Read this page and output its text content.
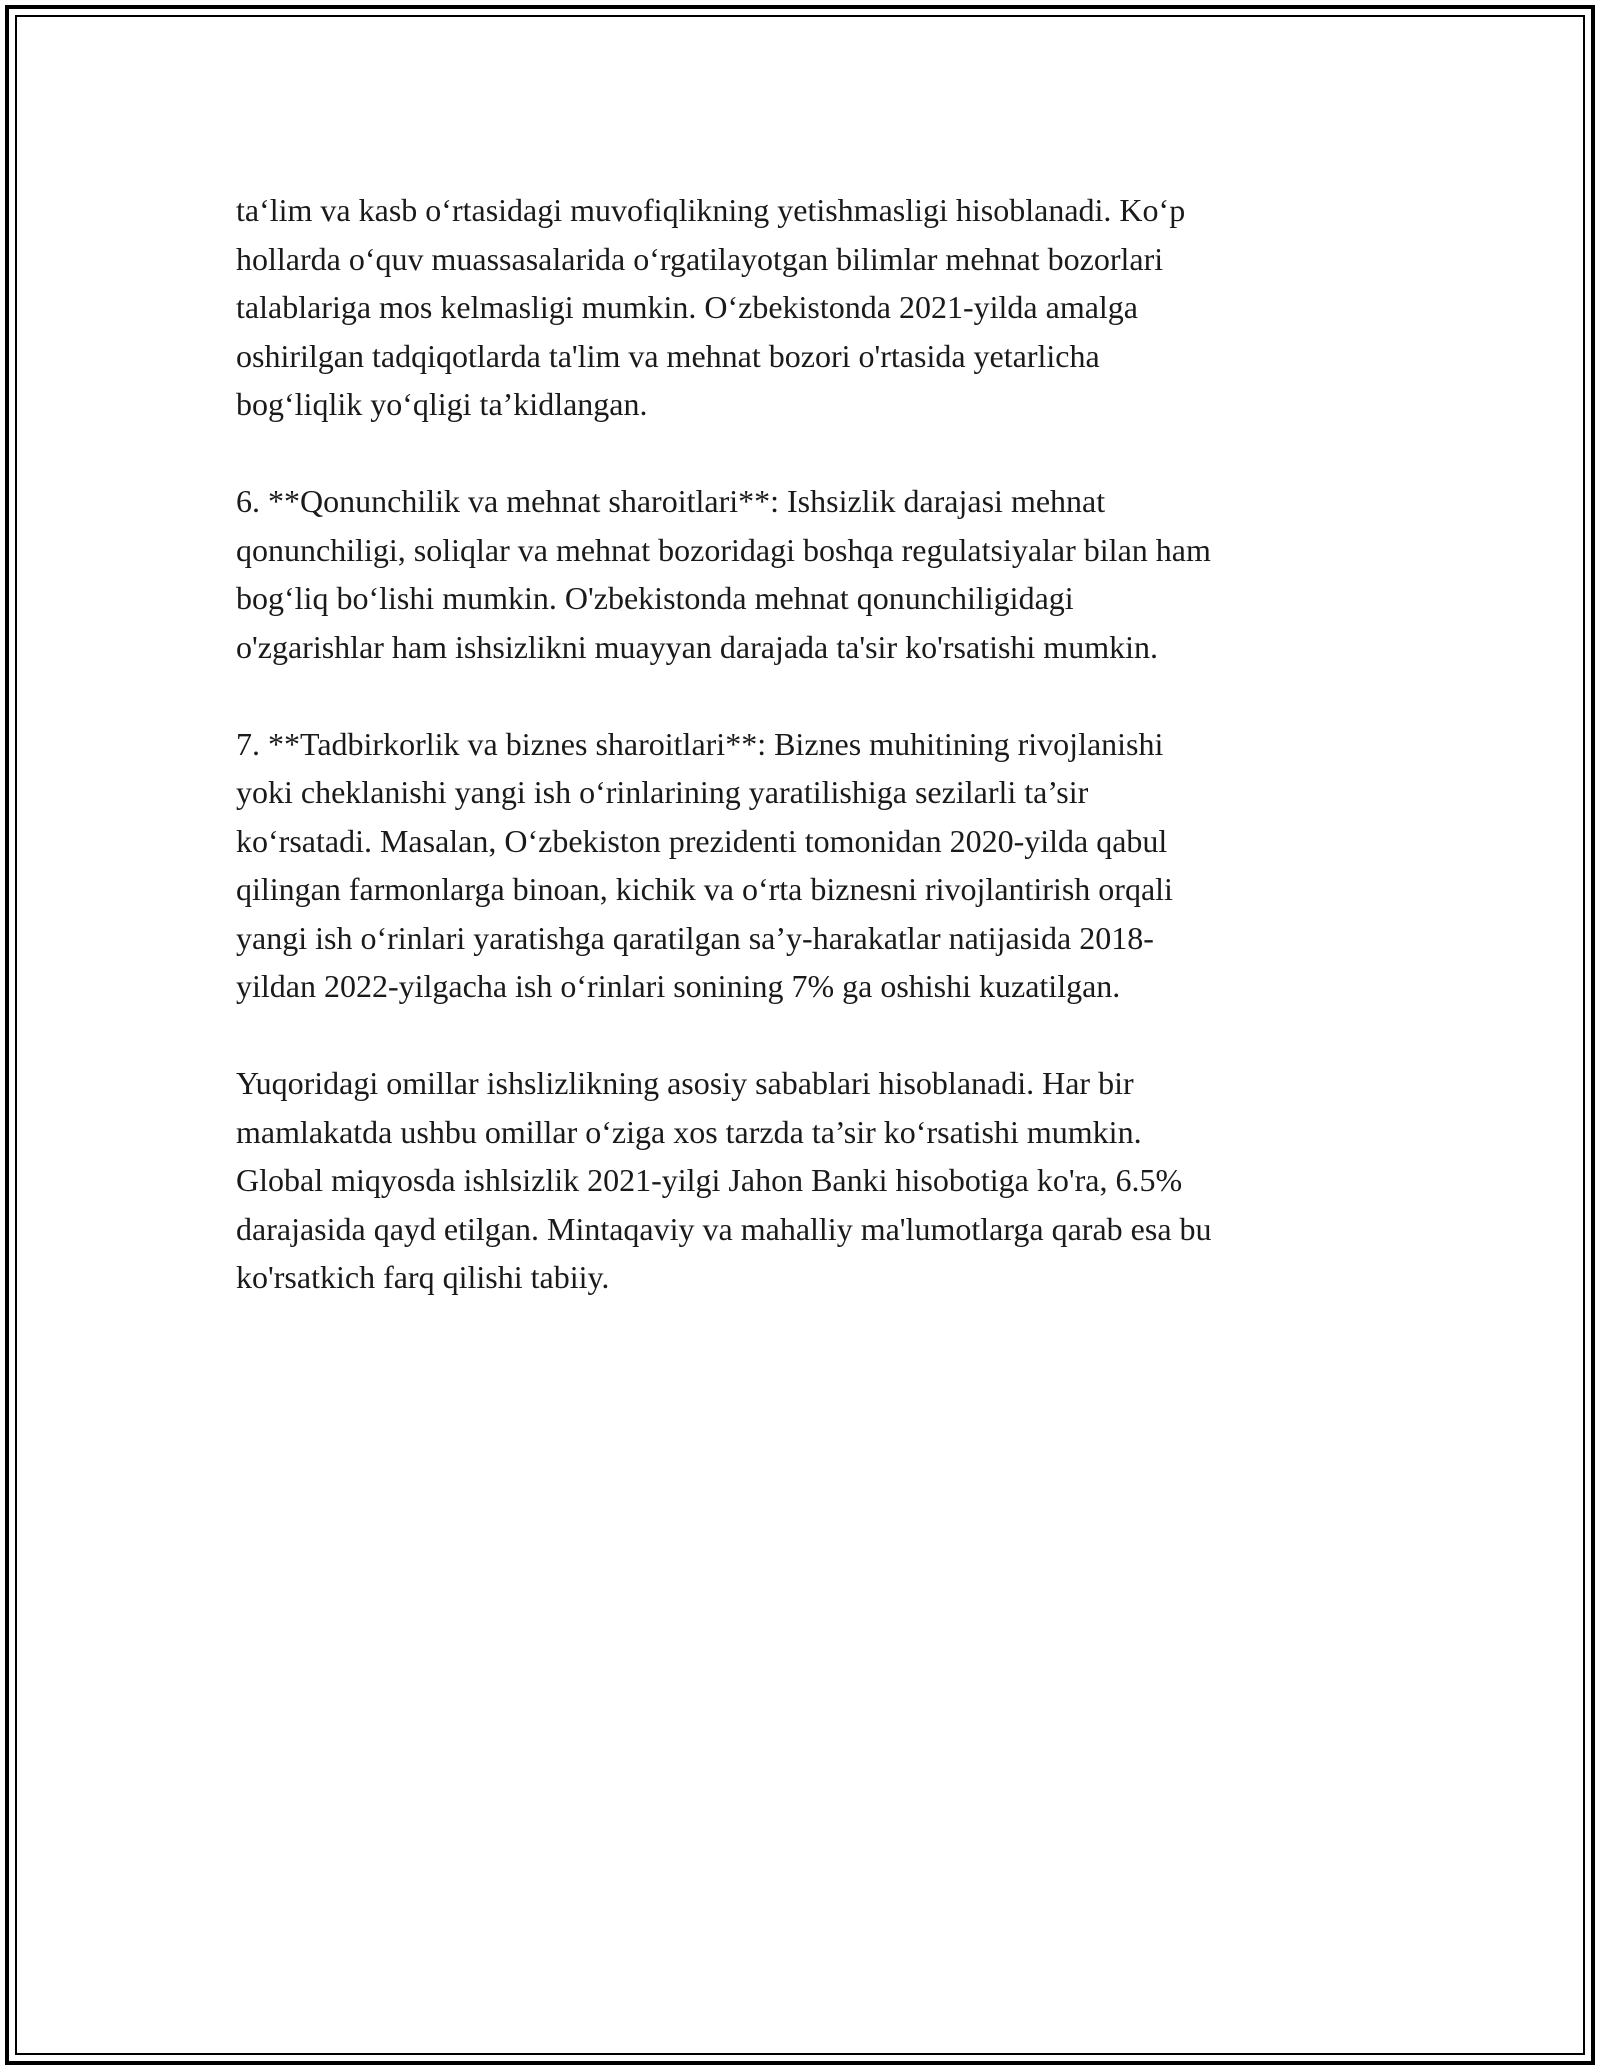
ta‘lim va kasb o‘rtasidagi muvofiqlikning yetishmasligi hisoblanadi. Ko‘p
hollarda o‘quv muassasalarida o‘rgatilayotgan bilimlar mehnat bozorlari
talablariga mos kelmasligi mumkin. O‘zbekistonda 2021-yilda amalga
oshirilgan tadqiqotlarda ta'lim va mehnat bozori o'rtasida yetarlicha
bog‘liqlik yo‘qligi ta’kidlangan.

6. **Qonunchilik va mehnat sharoitlari**: Ishsizlik darajasi mehnat
qonunchiligi, soliqlar va mehnat bozoridagi boshqa regulatsiyalar bilan ham
bog‘liq bo‘lishi mumkin. O'zbekistonda mehnat qonunchiligidagi
o'zgarishlar ham ishsizlikni muayyan darajada ta'sir ko'rsatishi mumkin.

7. **Tadbirkorlik va biznes sharoitlari**: Biznes muhitining rivojlanishi
yoki cheklanishi yangi ish o‘rinlarining yaratilishiga sezilarli ta’sir
ko‘rsatadi. Masalan, O‘zbekiston prezidenti tomonidan 2020-yilda qabul
qilingan farmonlarga binoan, kichik va o‘rta biznesni rivojlantirish orqali
yangi ish o‘rinlari yaratishga qaratilgan sa’y-harakatlar natijasida 2018-
yildan 2022-yilgacha ish o‘rinlari sonining 7% ga oshishi kuzatilgan.

Yuqoridagi omillar ishslizlikning asosiy sabablari hisoblanadi. Har bir
mamlakatda ushbu omillar o‘ziga xos tarzda ta’sir ko‘rsatishi mumkin.
Global miqyosda ishlsizlik 2021-yilgi Jahon Banki hisobotiga ko'ra, 6.5%
darajasida qayd etilgan. Mintaqaviy va mahalliy ma'lumotlarga qarab esa bu
ko'rsatkich farq qilishi tabiiy.
